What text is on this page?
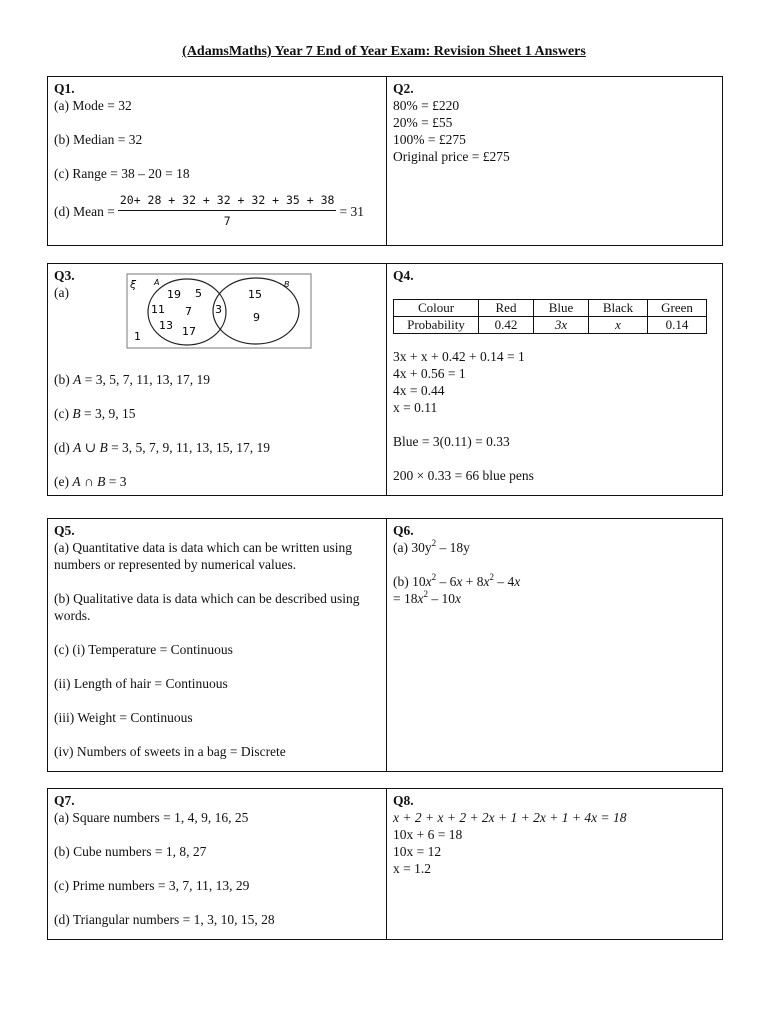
(AdamsMaths) Year 7 End of Year Exam: Revision Sheet 1 Answers
Q1.
(a) Mode = 32
(b) Median = 32
(c) Range = 38 – 20 = 18
(d) Mean = $\frac{20+ 28 + 32 + 32 + 32 + 35 + 38}{7} = 31$

Q2.
80% = £220
20% = £55
100% = £275
Original price = £275
Q3.
(a)
ξ A	B
19 5
11 7
13 17
3
15
9
1
(b) A = 3, 5, 7, 11, 13, 17, 19
(c) B = 3, 9, 15
(d) A ∪ B = 3, 5, 7, 9, 11, 13, 15, 17, 19
(e) A ∩ B = 3

Q4.
Colour	Red	Blue	Black	Green
Probability	0.42	3x	x	0.14
3x + x + 0.42 + 0.14 = 1
4x + 0.56 = 1
4x = 0.44
x = 0.11
Blue = 3(0.11) = 0.33
200 × 0.33 = 66 blue pens
Q5.
(a) Quantitative data is data which can be written using numbers or represented by numerical values.
(b) Qualitative data is data which can be described using words.
(c) (i) Temperature = Continuous
(ii) Length of hair = Continuous
(iii) Weight = Continuous
(iv) Numbers of sweets in a bag = Discrete

Q6.
(a) $30y^2 - 18y$
(b) $10x^2 - 6x + 8x^2 - 4x$
= $18x^2 - 10x$
Q7.
(a) Square numbers = 1, 4, 9, 16, 25
(b) Cube numbers = 1, 8, 27
(c) Prime numbers = 3, 7, 11, 13, 29
(d) Triangular numbers = 1, 3, 10, 15, 28

Q8.
x + 2 + x + 2 + 2x + 1 + 2x + 1 + 4x = 18
10x + 6 = 18
10x = 12
x = 1.2
